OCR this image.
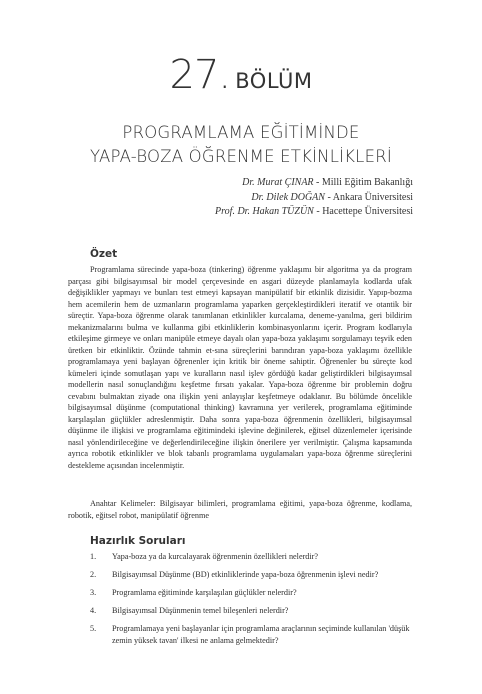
27. BÖLÜM
PROGRAMLAMA EĞİTİMİNDE
YAPA-BOZA ÖĞRENME ETKİNLİKLERİ
Dr. Murat ÇINAR - Milli Eğitim Bakanlığı
Dr. Dilek DOĞAN - Ankara Üniversitesi
Prof. Dr. Hakan TÜZÜN - Hacettepe Üniversitesi
Özet

Programlama sürecinde yapa-boza (tinkering) öğrenme yaklaşımı bir algoritma ya da program parçası gibi bilgisayımsal bir model çerçevesinde en asgari düzeyde planlamayla kodlarda ufak değişiklikler yapmayı ve bunları test etmeyi kapsayan manipülatif bir etkinlik dizisidir. Yapıp-bozma hem acemilerin hem de uzmanların programlama yaparken gerçekleştirdikleri iteratif ve otantik bir süreçtir. Yapa-boza öğrenme olarak tanımlanan etkinlikler kurcalama, deneme-yanılma, geri bildirim mekanizmalarını bulma ve kullanma gibi etkinliklerin kombinasyonlarını içerir. Program kodlarıyla etkileşime girmeye ve onları manipüle etmeye dayalı olan yapa-boza yaklaşımı sorgulamayı teşvik eden üretken bir etkinliktir. Özünde tahmin et-sına süreçlerini barındıran yapa-boza yaklaşımı özellikle programlamaya yeni başlayan öğrenenler için kritik bir öneme sahiptir. Öğrenenler bu süreçte kod kümeleri içinde somutlaşan yapı ve kuralların nasıl işlev gördüğü kadar geliştirdikleri bilgisayımsal modellerin nasıl sonuçlandığını keşfetme fırsatı yakalar. Yapa-boza öğrenme bir problemin doğru cevabını bulmaktan ziyade ona ilişkin yeni anlayışlar keşfetmeye odaklanır. Bu bölümde öncelikle bilgisayımsal düşünme (computational thinking) kavramına yer verilerek, programlama eğitiminde karşılaşılan güçlükler adreslenmiştir. Daha sonra yapa-boza öğrenmenin özellikleri, bilgisayımsal düşünme ile ilişkisi ve programlama eğitimindeki işlevine değinilerek, eğitsel düzenlemeler içerisinde nasıl yönlendirileceğine ve değerlendirileceğine ilişkin önerilere yer verilmiştir. Çalışma kapsamında ayrıca robotik etkinlikler ve blok tabanlı programlama uygulamaları yapa-boza öğrenme süreçlerini destekleme açısından incelenmiştir.

Anahtar Kelimeler: Bilgisayar bilimleri, programlama eğitimi, yapa-boza öğrenme, kodlama, robotik, eğitsel robot, manipülatif öğrenme

Hazırlık Soruları
1.	Yapa-boza ya da kurcalayarak öğrenmenin özellikleri nelerdir?
2.	Bilgisayımsal Düşünme (BD) etkinliklerinde yapa-boza öğrenmenin işlevi nedir?
3.	Programlama eğitiminde karşılaşılan güçlükler nelerdir?
4.	Bilgisayımsal Düşünmenin temel bileşenleri nelerdir?
5.	Programlamaya yeni başlayanlar için programlama araçlarının seçiminde kullanılan 'düşük zemin yüksek tavan' ilkesi ne anlama gelmektedir?
